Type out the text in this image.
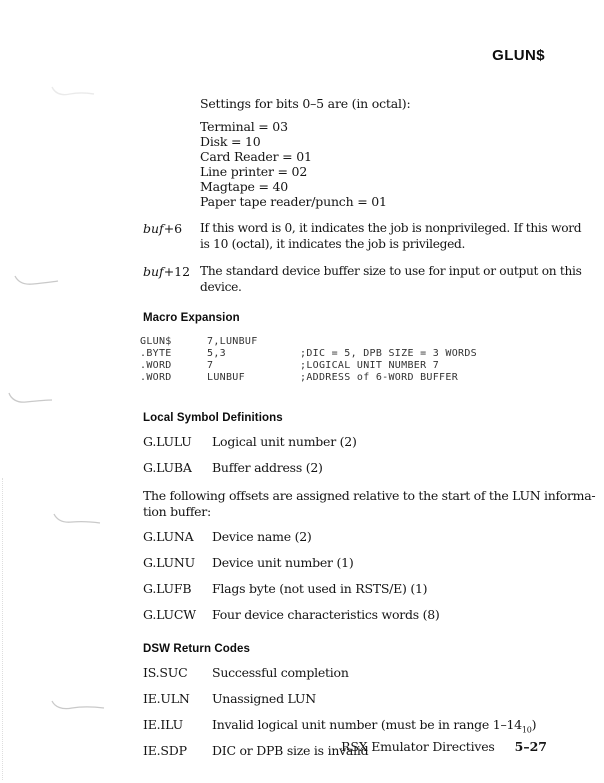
GLUN$

Settings for bits 0–5 are (in octal):

Terminal = 03
Disk = 10
Card Reader = 01
Line printer = 02
Magtape = 40
Paper tape reader/punch = 01
buf+6	If this word is 0, it indicates the job is nonprivileged. If this word
is 10 (octal), it indicates the job is privileged.
buf+12 The standard device buffer size to use for input or output on this
device.
Macro Expansion
GLUN$	7,LUNBUF
.BYTE	5,3	;DIC = 5, DPB SIZE = 3 WORDS
.WORD	7	;LOGICAL UNIT NUMBER 7
.WORD	LUNBUF	;ADDRESS of 6-WORD BUFFER
Local Symbol Definitions
G.LULU	Logical unit number (2)
G.LUBA	Buffer address (2)
The following offsets are assigned relative to the start of the LUN informa-
tion buffer:
G.LUNA	Device name (2)
G.LUNU	Device unit number (1)
G.LUFB	Flags byte (not used in RSTS/E) (1)
G.LUCW	Four device characteristics words (8)
DSW Return Codes
IS.SUC	Successful completion
IE.ULN	Unassigned LUN
IE.ILU	Invalid logical unit number (must be in range $1-14_{10}$)
IE.SDP	DIC or DPB size is invalid
RSX Emulator Directives 5–27
